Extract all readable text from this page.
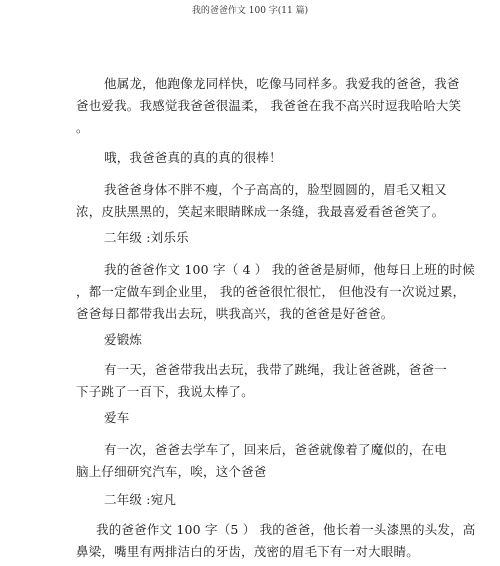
我的爸爸作文 100 字(11 篇)
他属龙，他跑像龙同样快，吃像马同样多。我爱我的爸爸，我爸
爸也爱我。我感觉我爸爸很温柔， 我爸爸在我不高兴时逗我哈哈大笑
。
哦，我爸爸真的真的真的很棒！
我爸爸身体不胖不瘦，个子高高的，脸型圆圆的，眉毛又粗又
浓，皮肤黑黑的，笑起来眼睛眯成一条缝，我最喜爱看爸爸笑了。
二年级 :刘乐乐
我的爸爸作文 100 字（ 4 ） 我的爸爸是厨师，他每日上班的时候
，都一定做车到企业里， 我的爸爸很忙很忙， 但他没有一次说过累，
爸爸每日都带我出去玩，哄我高兴，我的爸爸是好爸爸。
爱锻炼
有一天，爸爸带我出去玩，我带了跳绳，我让爸爸跳，爸爸一
下子跳了一百下，我说太棒了。
爱车
有一次，爸爸去学车了，回来后，爸爸就像着了魔似的，在电
脑上仔细研究汽车，唉，这个爸爸
二年级 :宛凡
我的爸爸作文 100 字（5 ） 我的爸爸，他长着一头漆黑的头发，高
鼻梁，嘴里有两排洁白的牙齿，茂密的眉毛下有一对大眼睛。
